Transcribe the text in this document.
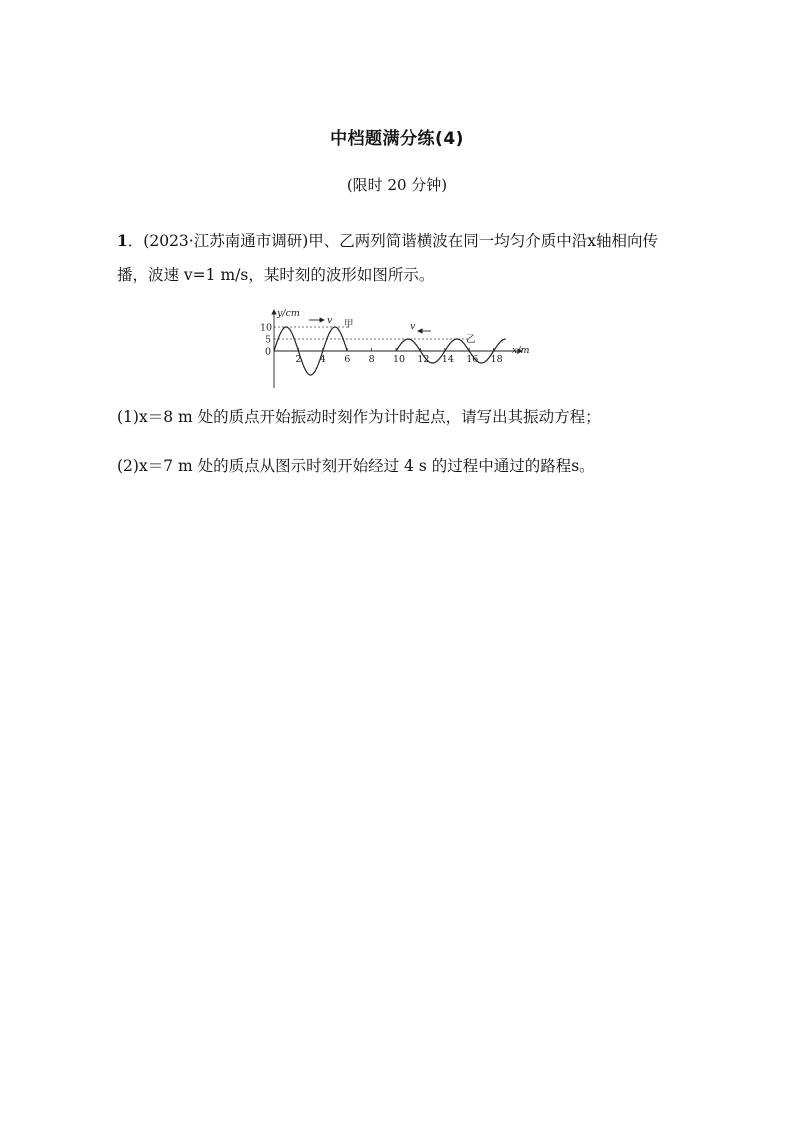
中档题满分练(4)
(限时 20 分钟)
1．(2023·江苏南通市调研)甲、乙两列简谐横波在同一均匀介质中沿x轴相向传播，波速 v=1 m/s，某时刻的波形如图所示。
v
v
甲
乙
y/cm
x/m
10
5
0
2 4 6 8 10 12 14 16 18
(1)x＝8 m 处的质点开始振动时刻作为计时起点，请写出其振动方程；
(2)x＝7 m 处的质点从图示时刻开始经过 4 s 的过程中通过的路程s。
